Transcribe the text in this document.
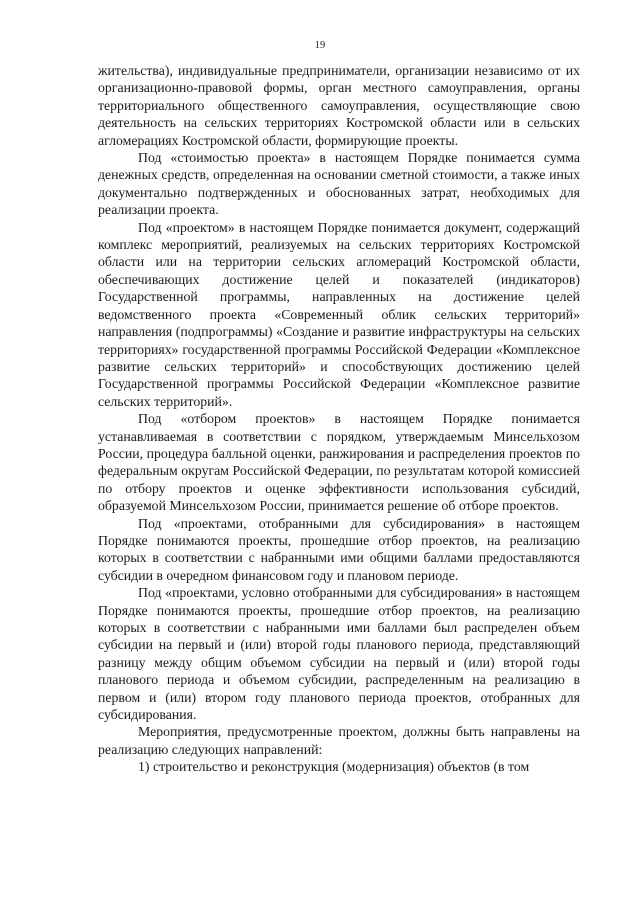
19

жительства), индивидуальные предприниматели, организации независимо от их организационно-правовой формы, орган местного самоуправления, органы территориального общественного самоуправления, осуществляющие свою деятельность на сельских территориях Костромской области или в сельских агломерациях Костромской области, формирующие проекты.

Под «стоимостью проекта» в настоящем Порядке понимается сумма денежных средств, определенная на основании сметной стоимости, а также иных документально подтвержденных и обоснованных затрат, необходимых для реализации проекта.

Под «проектом» в настоящем Порядке понимается документ, содержащий комплекс мероприятий, реализуемых на сельских территориях Костромской области или на территории сельских агломераций Костромской области, обеспечивающих достижение целей и показателей (индикаторов) Государственной программы, направленных на достижение целей ведомственного проекта «Современный облик сельских территорий» направления (подпрограммы) «Создание и развитие инфраструктуры на сельских территориях» государственной программы Российской Федерации «Комплексное развитие сельских территорий» и способствующих достижению целей Государственной программы Российской Федерации «Комплексное развитие сельских территорий».

Под «отбором проектов» в настоящем Порядке понимается устанавливаемая в соответствии с порядком, утверждаемым Минсельхозом России, процедура балльной оценки, ранжирования и распределения проектов по федеральным округам Российской Федерации, по результатам которой комиссией по отбору проектов и оценке эффективности использования субсидий, образуемой Минсельхозом России, принимается решение об отборе проектов.

Под «проектами, отобранными для субсидирования» в настоящем Порядке понимаются проекты, прошедшие отбор проектов, на реализацию которых в соответствии с набранными ими общими баллами предоставляются субсидии в очередном финансовом году и плановом периоде.

Под «проектами, условно отобранными для субсидирования» в настоящем Порядке понимаются проекты, прошедшие отбор проектов, на реализацию которых в соответствии с набранными ими баллами был распределен объем субсидии на первый и (или) второй годы планового периода, представляющий разницу между общим объемом субсидии на первый и (или) второй годы планового периода и объемом субсидии, распределенным на реализацию в первом и (или) втором году планового периода проектов, отобранных для субсидирования.

Мероприятия, предусмотренные проектом, должны быть направлены на реализацию следующих направлений:

1) строительство и реконструкция (модернизация) объектов (в том
